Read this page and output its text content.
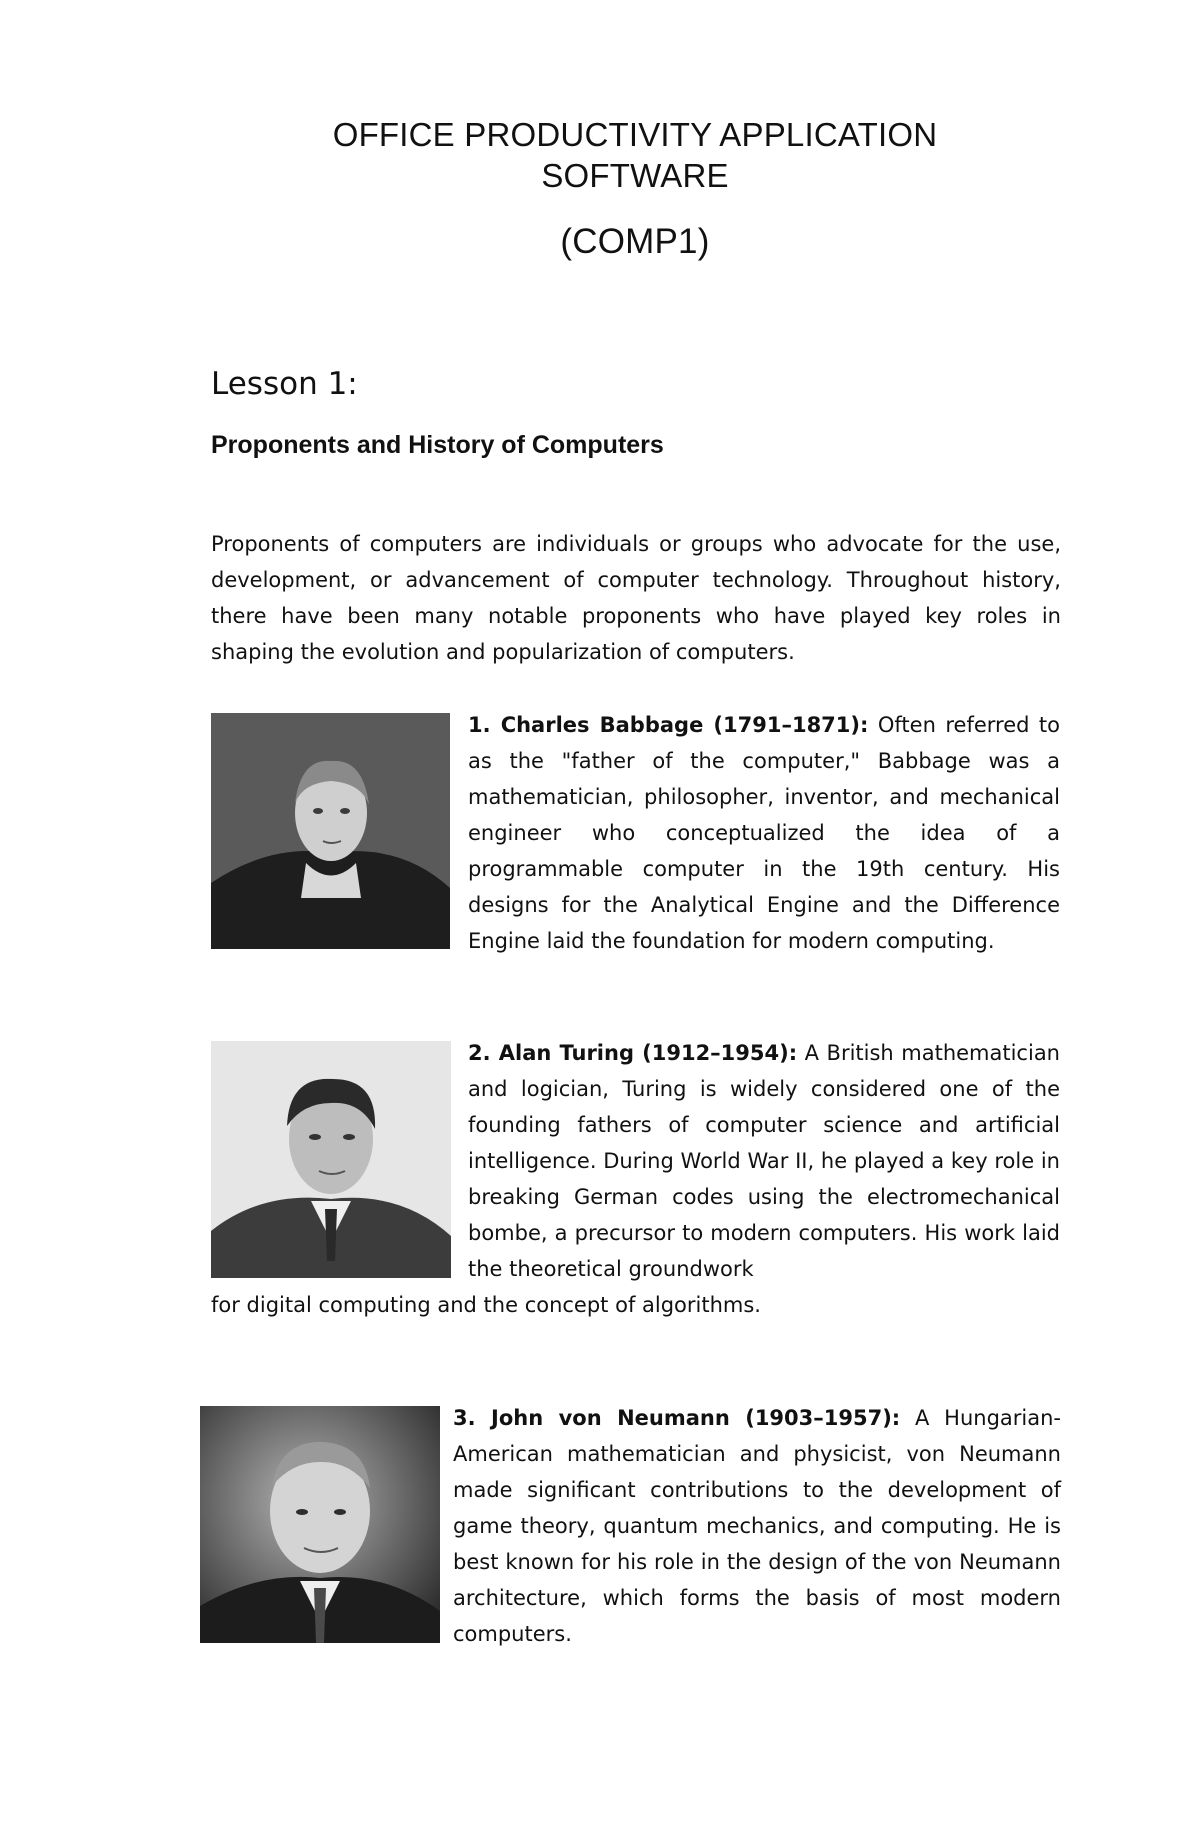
OFFICE PRODUCTIVITY APPLICATION
SOFTWARE
(COMP1)
Lesson 1:
Proponents and History of Computers

Proponents of computers are individuals or groups who advocate for the use, development, or advancement of computer technology. Throughout history, there have been many notable proponents who have played key roles in shaping the evolution and popularization of computers.

1. Charles Babbage (1791–1871): Often referred to as the "father of the computer," Babbage was a mathematician, philosopher, inventor, and mechanical engineer who conceptualized the idea of a programmable computer in the 19th century. His designs for the Analytical Engine and the Difference Engine laid the foundation for modern computing.

2. Alan Turing (1912–1954): A British mathematician and logician, Turing is widely considered one of the founding fathers of computer science and artificial intelligence. During World War II, he played a key role in breaking German codes using the electromechanical bombe, a precursor to modern computers. His work laid the theoretical groundwork

for digital computing and the concept of algorithms.

3. John von Neumann (1903–1957): A Hungarian-American mathematician and physicist, von Neumann made significant contributions to the development of game theory, quantum mechanics, and computing. He is best known for his role in the design of the von Neumann architecture, which forms the basis of most modern computers.
